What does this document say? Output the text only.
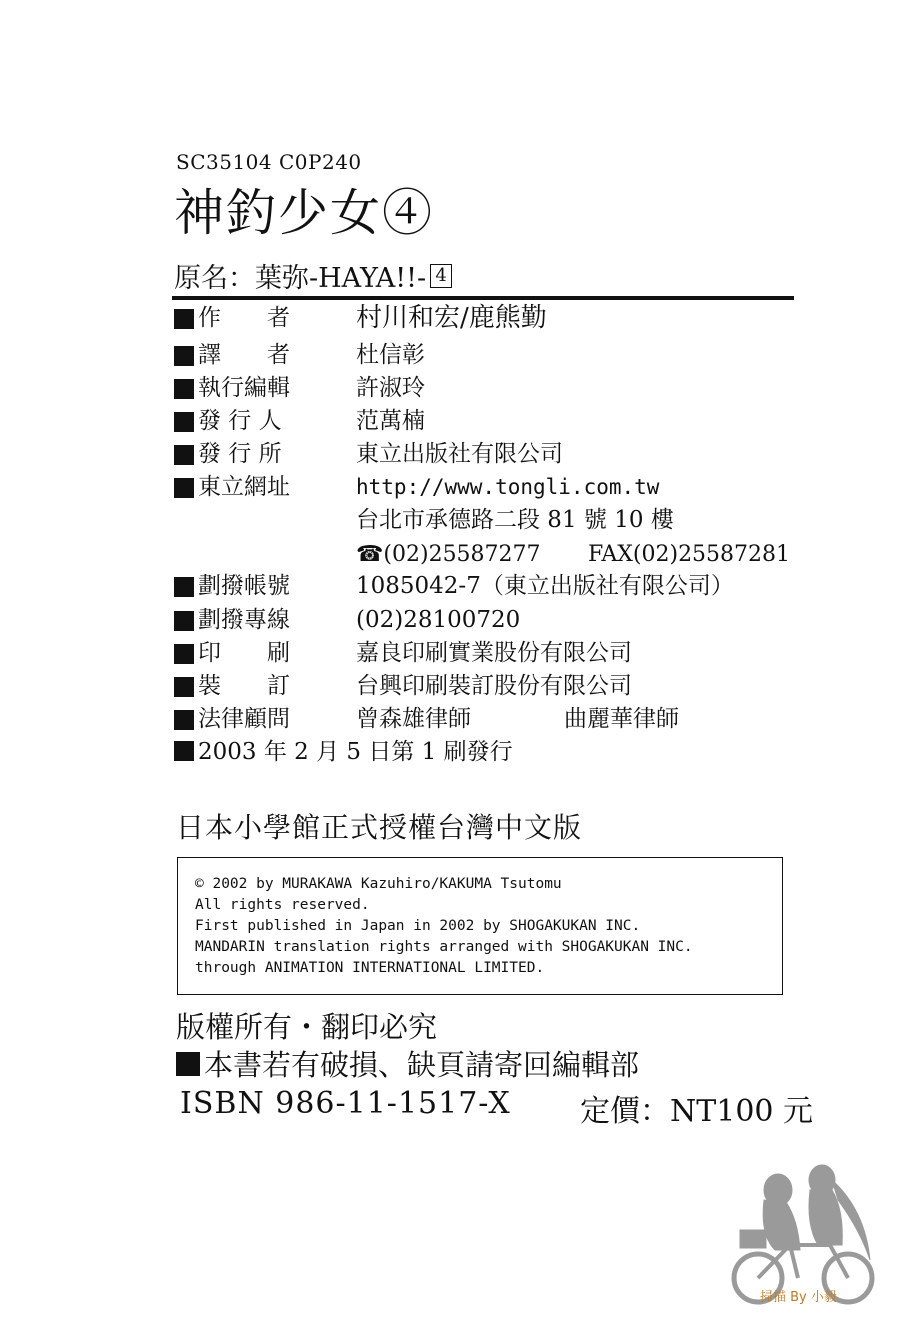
SC35104 C0P240
神釣少女④
原名：葉弥-HAYA!!- 4
作　　者	村川和宏/鹿熊勤
譯　　者	杜信彰
執行編輯	許淑玲
發 行 人	范萬楠
發 行 所	東立出版社有限公司
東立網址	http://www.tongli.com.tw
台北市承德路二段 81 號 10 樓
☎(02)25587277 FAX(02)25587281
劃撥帳號	1085042-7（東立出版社有限公司）
劃撥專線	(02)28100720
印　　刷	嘉良印刷實業股份有限公司
裝　　訂	台興印刷裝訂股份有限公司
法律顧問	曾森雄律師	曲麗華律師
2003 年 2 月 5 日第 1 刷發行
日本小學館正式授權台灣中文版
© 2002 by MURAKAWA Kazuhiro/KAKUMA Tsutomu
All rights reserved.
First published in Japan in 2002 by SHOGAKUKAN INC.
MANDARIN translation rights arranged with SHOGAKUKAN INC.
through ANIMATION INTERNATIONAL LIMITED.
版權所有・翻印必究
本書若有破損、缺頁請寄回編輯部
ISBN 986-11-1517-X 定價：NT100 元
掃描 By 小毅
